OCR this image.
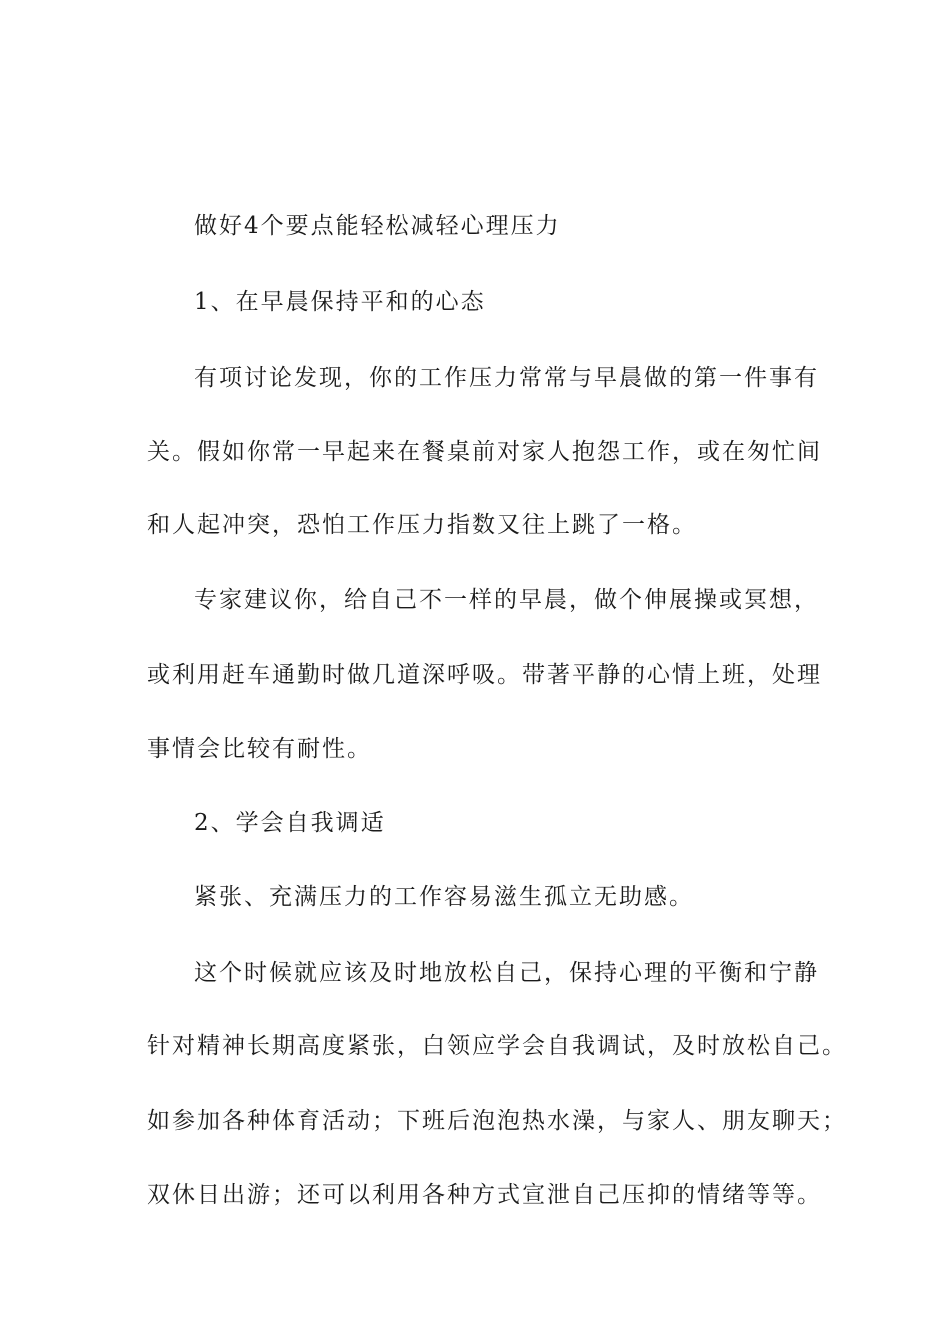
做好4个要点能轻松减轻心理压力
1、在早晨保持平和的心态
有项讨论发现，你的工作压力常常与早晨做的第一件事有
关。假如你常一早起来在餐桌前对家人抱怨工作，或在匆忙间
和人起冲突，恐怕工作压力指数又往上跳了一格。
专家建议你，给自己不一样的早晨，做个伸展操或冥想，
或利用赶车通勤时做几道深呼吸。带著平静的心情上班，处理
事情会比较有耐性。
2、学会自我调适
紧张、充满压力的工作容易滋生孤立无助感。
这个时候就应该及时地放松自己，保持心理的平衡和宁静
针对精神长期高度紧张，白领应学会自我调试，及时放松自己。
如参加各种体育活动；下班后泡泡热水澡，与家人、朋友聊天；
双休日出游；还可以利用各种方式宣泄自己压抑的情绪等等。
